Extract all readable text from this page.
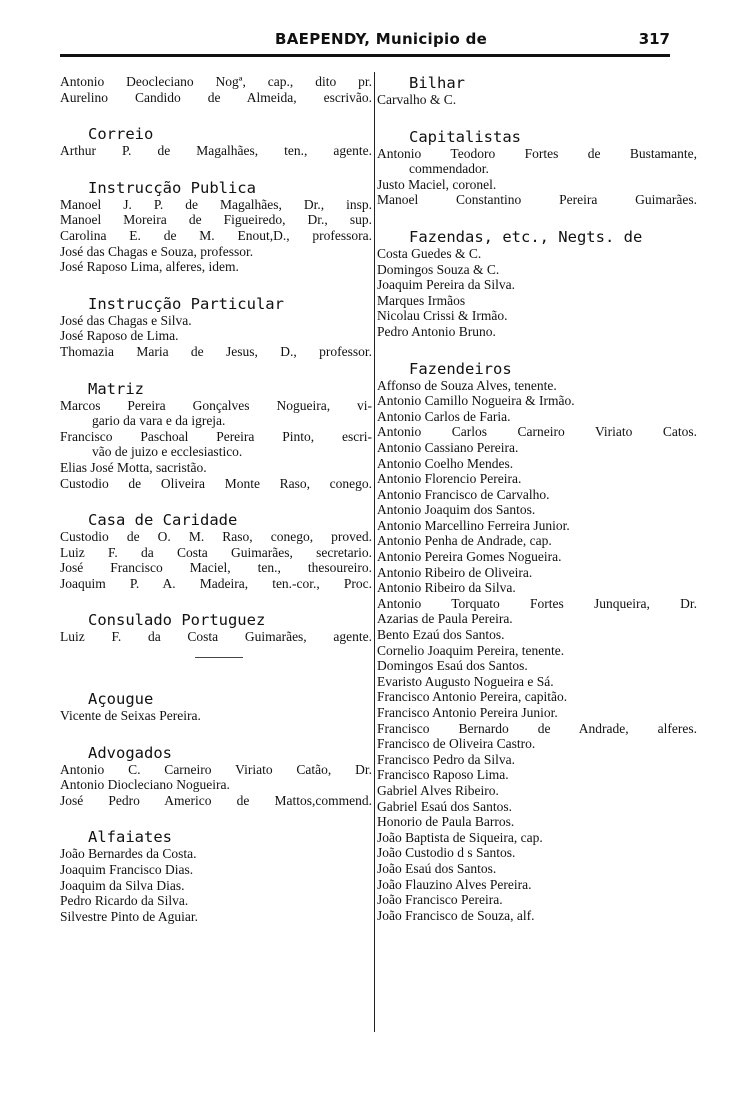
BAEPENDY, Municipio de	317
Antonio Deocleciano Nogª, cap., dito pr.
Aurelino Candido de Almeida, escrivão.
Correio
Arthur P. de Magalhães, ten., agente.
Instrucção Publica
Manoel J. P. de Magalhães, Dr., insp.
Manoel Moreira de Figueiredo, Dr., sup.
Carolina E. de M. Enout,D., professora.
José das Chagas e Souza, professor.
José Raposo Lima, alferes, idem.
Instrucção Particular
José das Chagas e Silva.
José Raposo de Lima.
Thomazia Maria de Jesus, D., professor.
Matriz
Marcos Pereira Gonçalves Nogueira, vi-
gario da vara e da igreja.
Francisco Paschoal Pereira Pinto, escri-
vão de juizo e ecclesiastico.
Elias José Motta, sacristão.
Custodio de Oliveira Monte Raso, conego.
Casa de Caridade
Custodio de O. M. Raso, conego, proved.
Luiz F. da Costa Guimarães, secretario.
José Francisco Maciel, ten., thesoureiro.
Joaquim P. A. Madeira, ten.-cor., Proc.
Consulado Portuguez
Luiz F. da Costa Guimarães, agente.
Açougue
Vicente de Seixas Pereira.
Advogados
Antonio C. Carneiro Viriato Catão, Dr.
Antonio Diocleciano Nogueira.
José Pedro Americo de Mattos,commend.
Alfaiates
João Bernardes da Costa.
Joaquim Francisco Dias.
Joaquim da Silva Dias.
Pedro Ricardo da Silva.
Silvestre Pinto de Aguiar.
Bilhar
Carvalho & C.
Capitalistas
Antonio Teodoro Fortes de Bustamante,
commendador.
Justo Maciel, coronel.
Manoel Constantino Pereira Guimarães.
Fazendas, etc., Negts. de
Costa Guedes & C.
Domingos Souza & C.
Joaquim Pereira da Silva.
Marques Irmãos
Nicolau Crissi & Irmão.
Pedro Antonio Bruno.
Fazendeiros
Affonso de Souza Alves, tenente.
Antonio Camillo Nogueira & Irmão.
Antonio Carlos de Faria.
Antonio Carlos Carneiro Viriato Catos.
Antonio Cassiano Pereira.
Antonio Coelho Mendes.
Antonio Florencio Pereira.
Antonio Francisco de Carvalho.
Antonio Joaquim dos Santos.
Antonio Marcellino Ferreira Junior.
Antonio Penha de Andrade, cap.
Antonio Pereira Gomes Nogueira.
Antonio Ribeiro de Oliveira.
Antonio Ribeiro da Silva.
Antonio Torquato Fortes Junqueira, Dr.
Azarias de Paula Pereira.
Bento Ezaú dos Santos.
Cornelio Joaquim Pereira, tenente.
Domingos Esaú dos Santos.
Evaristo Augusto Nogueira e Sá.
Francisco Antonio Pereira, capitão.
Francisco Antonio Pereira Junior.
Francisco Bernardo de Andrade, alferes.
Francisco de Oliveira Castro.
Francisco Pedro da Silva.
Francisco Raposo Lima.
Gabriel Alves Ribeiro.
Gabriel Esaú dos Santos.
Honorio de Paula Barros.
João Baptista de Siqueira, cap.
João Custodio d s Santos.
João Esaú dos Santos.
João Flauzino Alves Pereira.
João Francisco Pereira.
João Francisco de Souza, alf.
